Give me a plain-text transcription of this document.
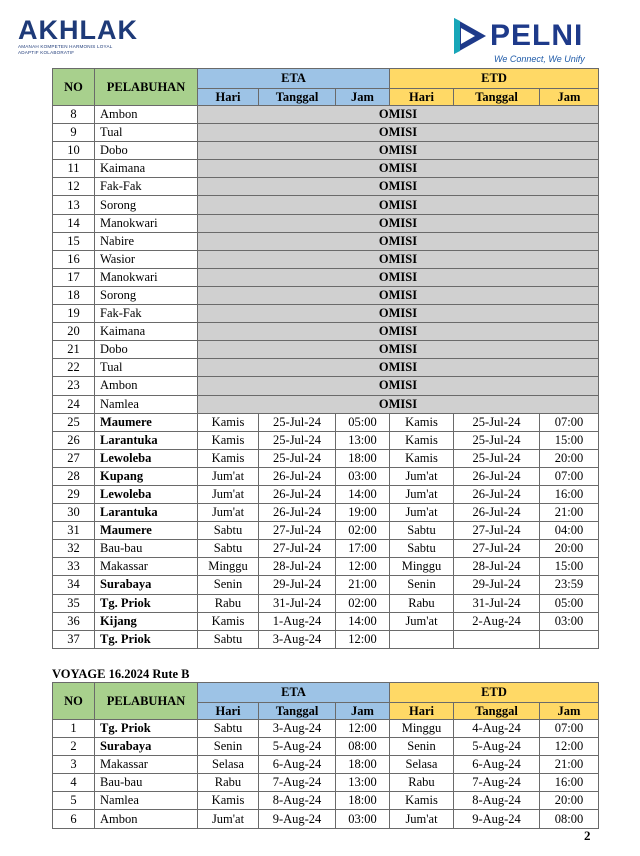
AKHLAK
AMANAH KOMPETEN HARMONIS LOYAL ADAPTIF KOLABORATIF
PELNI
We Connect, We Unify
NO	PELABUHAN	ETA			ETD		
		Hari	Tanggal	Jam	Hari	Tanggal	Jam
8	Ambon	OMISI					
9	Tual	OMISI					
10	Dobo	OMISI					
11	Kaimana	OMISI					
12	Fak-Fak	OMISI					
13	Sorong	OMISI					
14	Manokwari	OMISI					
15	Nabire	OMISI					
16	Wasior	OMISI					
17	Manokwari	OMISI					
18	Sorong	OMISI					
19	Fak-Fak	OMISI					
20	Kaimana	OMISI					
21	Dobo	OMISI					
22	Tual	OMISI					
23	Ambon	OMISI					
24	Namlea	OMISI					
25	Maumere	Kamis	25-Jul-24	05:00	Kamis	25-Jul-24	07:00
26	Larantuka	Kamis	25-Jul-24	13:00	Kamis	25-Jul-24	15:00
27	Lewoleba	Kamis	25-Jul-24	18:00	Kamis	25-Jul-24	20:00
28	Kupang	Jum'at	26-Jul-24	03:00	Jum'at	26-Jul-24	07:00
29	Lewoleba	Jum'at	26-Jul-24	14:00	Jum'at	26-Jul-24	16:00
30	Larantuka	Jum'at	26-Jul-24	19:00	Jum'at	26-Jul-24	21:00
31	Maumere	Sabtu	27-Jul-24	02:00	Sabtu	27-Jul-24	04:00
32	Bau-bau	Sabtu	27-Jul-24	17:00	Sabtu	27-Jul-24	20:00
33	Makassar	Minggu	28-Jul-24	12:00	Minggu	28-Jul-24	15:00
34	Surabaya	Senin	29-Jul-24	21:00	Senin	29-Jul-24	23:59
35	Tg. Priok	Rabu	31-Jul-24	02:00	Rabu	31-Jul-24	05:00
36	Kijang	Kamis	1-Aug-24	14:00	Jum'at	2-Aug-24	03:00
37	Tg. Priok	Sabtu	3-Aug-24	12:00			
VOYAGE 16.2024 Rute B
NO	PELABUHAN	ETA			ETD		
		Hari	Tanggal	Jam	Hari	Tanggal	Jam
1	Tg. Priok	Sabtu	3-Aug-24	12:00	Minggu	4-Aug-24	07:00
2	Surabaya	Senin	5-Aug-24	08:00	Senin	5-Aug-24	12:00
3	Makassar	Selasa	6-Aug-24	18:00	Selasa	6-Aug-24	21:00
4	Bau-bau	Rabu	7-Aug-24	13:00	Rabu	7-Aug-24	16:00
5	Namlea	Kamis	8-Aug-24	18:00	Kamis	8-Aug-24	20:00
6	Ambon	Jum'at	9-Aug-24	03:00	Jum'at	9-Aug-24	08:00
2
